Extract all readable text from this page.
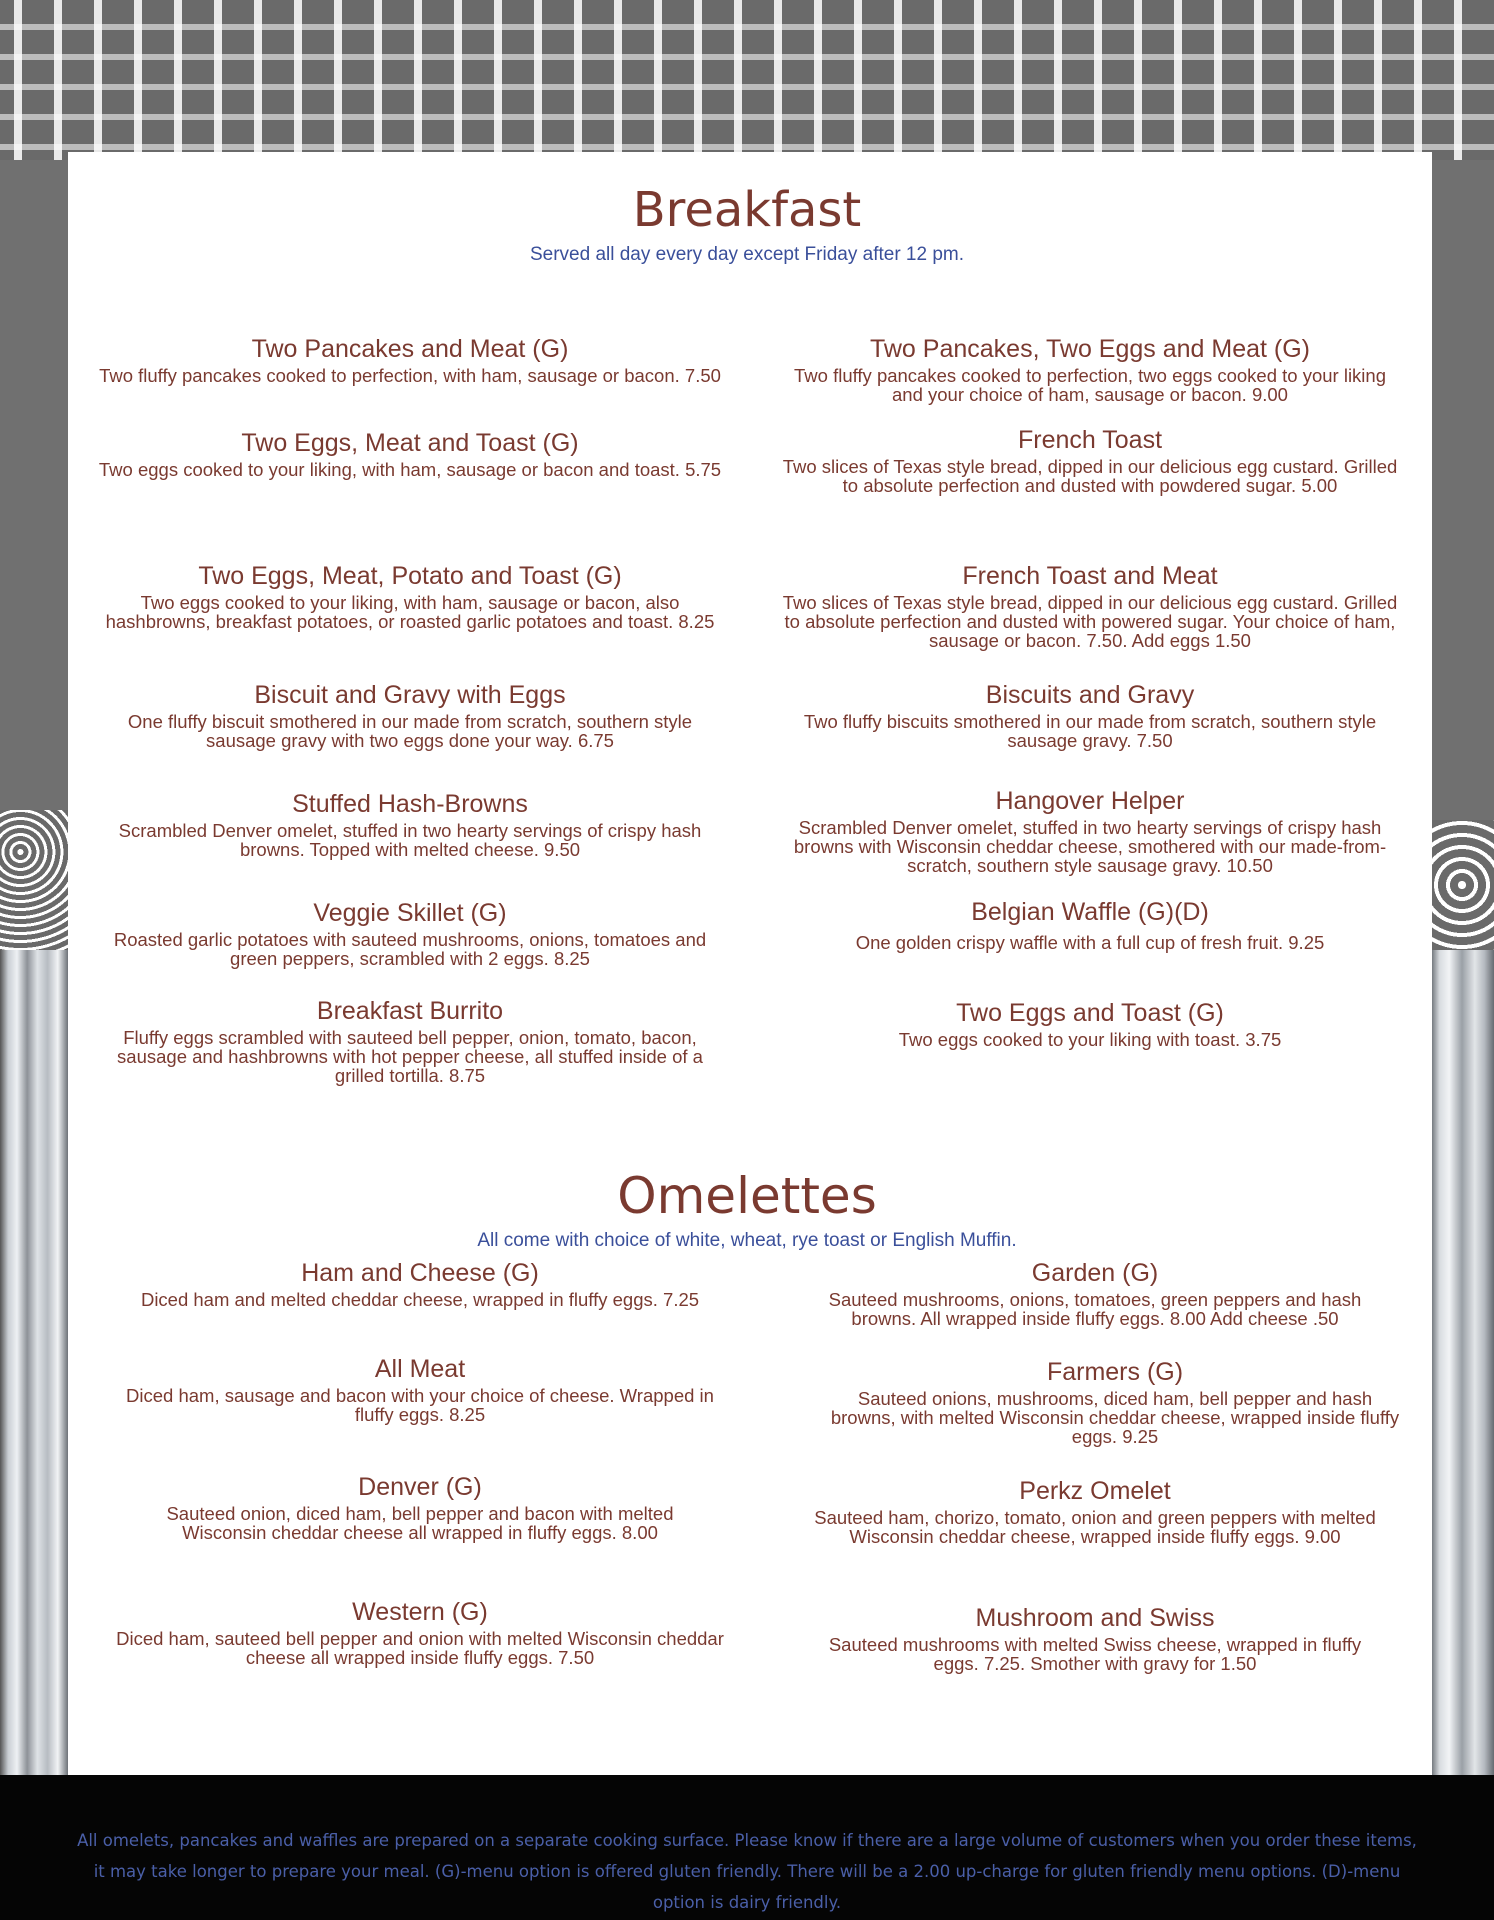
Breakfast

Served all day every day except Friday after 12 pm.

Two Pancakes and Meat (G)

Two fluffy pancakes cooked to perfection, with ham, sausage or bacon. 7.50

Two Pancakes, Two Eggs and Meat (G)

Two fluffy pancakes cooked to perfection, two eggs cooked to your liking and your choice of ham, sausage or bacon. 9.00

Two Eggs, Meat and Toast (G)

Two eggs cooked to your liking, with ham, sausage or bacon and toast. 5.75

French Toast

Two slices of Texas style bread, dipped in our delicious egg custard. Grilled to absolute perfection and dusted with powdered sugar. 5.00

Two Eggs, Meat, Potato and Toast (G)

Two eggs cooked to your liking, with ham, sausage or bacon, also hashbrowns, breakfast potatoes, or roasted garlic potatoes and toast. 8.25

French Toast and Meat

Two slices of Texas style bread, dipped in our delicious egg custard. Grilled to absolute perfection and dusted with powered sugar. Your choice of ham, sausage or bacon. 7.50. Add eggs 1.50

Biscuit and Gravy with Eggs

One fluffy biscuit smothered in our made from scratch, southern style sausage gravy with two eggs done your way. 6.75

Biscuits and Gravy

Two fluffy biscuits smothered in our made from scratch, southern style sausage gravy. 7.50

Stuffed Hash-Browns

Scrambled Denver omelet, stuffed in two hearty servings of crispy hash browns. Topped with melted cheese. 9.50

Hangover Helper

Scrambled Denver omelet, stuffed in two hearty servings of crispy hash browns with Wisconsin cheddar cheese, smothered with our made-from-scratch, southern style sausage gravy. 10.50

Veggie Skillet (G)

Roasted garlic potatoes with sauteed mushrooms, onions, tomatoes and green peppers, scrambled with 2 eggs. 8.25

Belgian Waffle (G)(D)

One golden crispy waffle with a full cup of fresh fruit. 9.25

Breakfast Burrito

Fluffy eggs scrambled with sauteed bell pepper, onion, tomato, bacon, sausage and hashbrowns with hot pepper cheese, all stuffed inside of a grilled tortilla. 8.75

Two Eggs and Toast (G)

Two eggs cooked to your liking with toast. 3.75

Omelettes

All come with choice of white, wheat, rye toast or English Muffin.

Ham and Cheese (G)

Diced ham and melted cheddar cheese, wrapped in fluffy eggs. 7.25

Garden (G)

Sauteed mushrooms, onions, tomatoes, green peppers and hash browns. All wrapped inside fluffy eggs. 8.00 Add cheese .50

All Meat

Diced ham, sausage and bacon with your choice of cheese. Wrapped in fluffy eggs. 8.25

Farmers (G)

Sauteed onions, mushrooms, diced ham, bell pepper and hash browns, with melted Wisconsin cheddar cheese, wrapped inside fluffy eggs. 9.25

Denver (G)

Sauteed onion, diced ham, bell pepper and bacon with melted Wisconsin cheddar cheese all wrapped in fluffy eggs. 8.00

Perkz Omelet

Sauteed ham, chorizo, tomato, onion and green peppers with melted Wisconsin cheddar cheese, wrapped inside fluffy eggs. 9.00

Western (G)

Diced ham, sauteed bell pepper and onion with melted Wisconsin cheddar cheese all wrapped inside fluffy eggs. 7.50

Mushroom and Swiss

Sauteed mushrooms with melted Swiss cheese, wrapped in fluffy eggs. 7.25. Smother with gravy for 1.50

All omelets, pancakes and waffles are prepared on a separate cooking surface. Please know if there are a large volume of customers when you order these items, it may take longer to prepare your meal. (G)-menu option is offered gluten friendly. There will be a 2.00 up-charge for gluten friendly menu options. (D)-menu option is dairy friendly.
